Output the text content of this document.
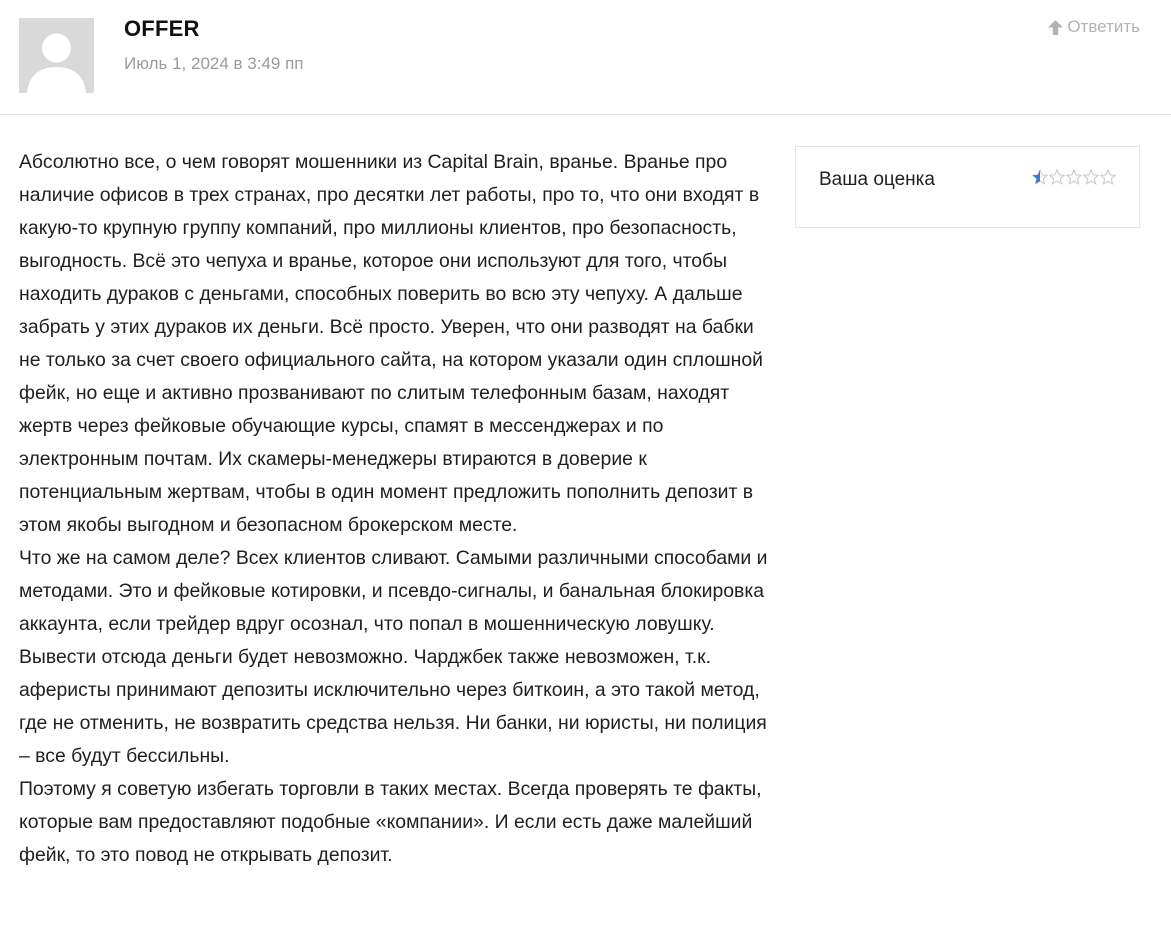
OFFER
Июль 1, 2024 в 3:49 пп
Ответить

Абсолютно все, о чем говорят мошенники из Capital Brain, вранье. Вранье про наличие офисов в трех странах, про десятки лет работы, про то, что они входят в какую-то крупную группу компаний, про миллионы клиентов, про безопасность, выгодность. Всё это чепуха и вранье, которое они используют для того, чтобы находить дураков с деньгами, способных поверить во всю эту чепуху. А дальше забрать у этих дураков их деньги. Всё просто. Уверен, что они разводят на бабки не только за счет своего официального сайта, на котором указали один сплошной фейк, но еще и активно прозванивают по слитым телефонным базам, находят жертв через фейковые обучающие курсы, спамят в мессенджерах и по электронным почтам. Их скамеры-менеджеры втираются в доверие к потенциальным жертвам, чтобы в один момент предложить пополнить депозит в этом якобы выгодном и безопасном брокерском месте.

Что же на самом деле? Всех клиентов сливают. Самыми различными способами и методами. Это и фейковые котировки, и псевдо-сигналы, и банальная блокировка аккаунта, если трейдер вдруг осознал, что попал в мошенническую ловушку. Вывести отсюда деньги будет невозможно. Чарджбек также невозможен, т.к. аферисты принимают депозиты исключительно через биткоин, а это такой метод, где не отменить, не возвратить средства нельзя. Ни банки, ни юристы, ни полиция – все будут бессильны.

Поэтому я советую избегать торговли в таких местах. Всегда проверять те факты, которые вам предоставляют подобные «компании». И если есть даже малейший фейк, то это повод не открывать депозит.

Ваша оценка
